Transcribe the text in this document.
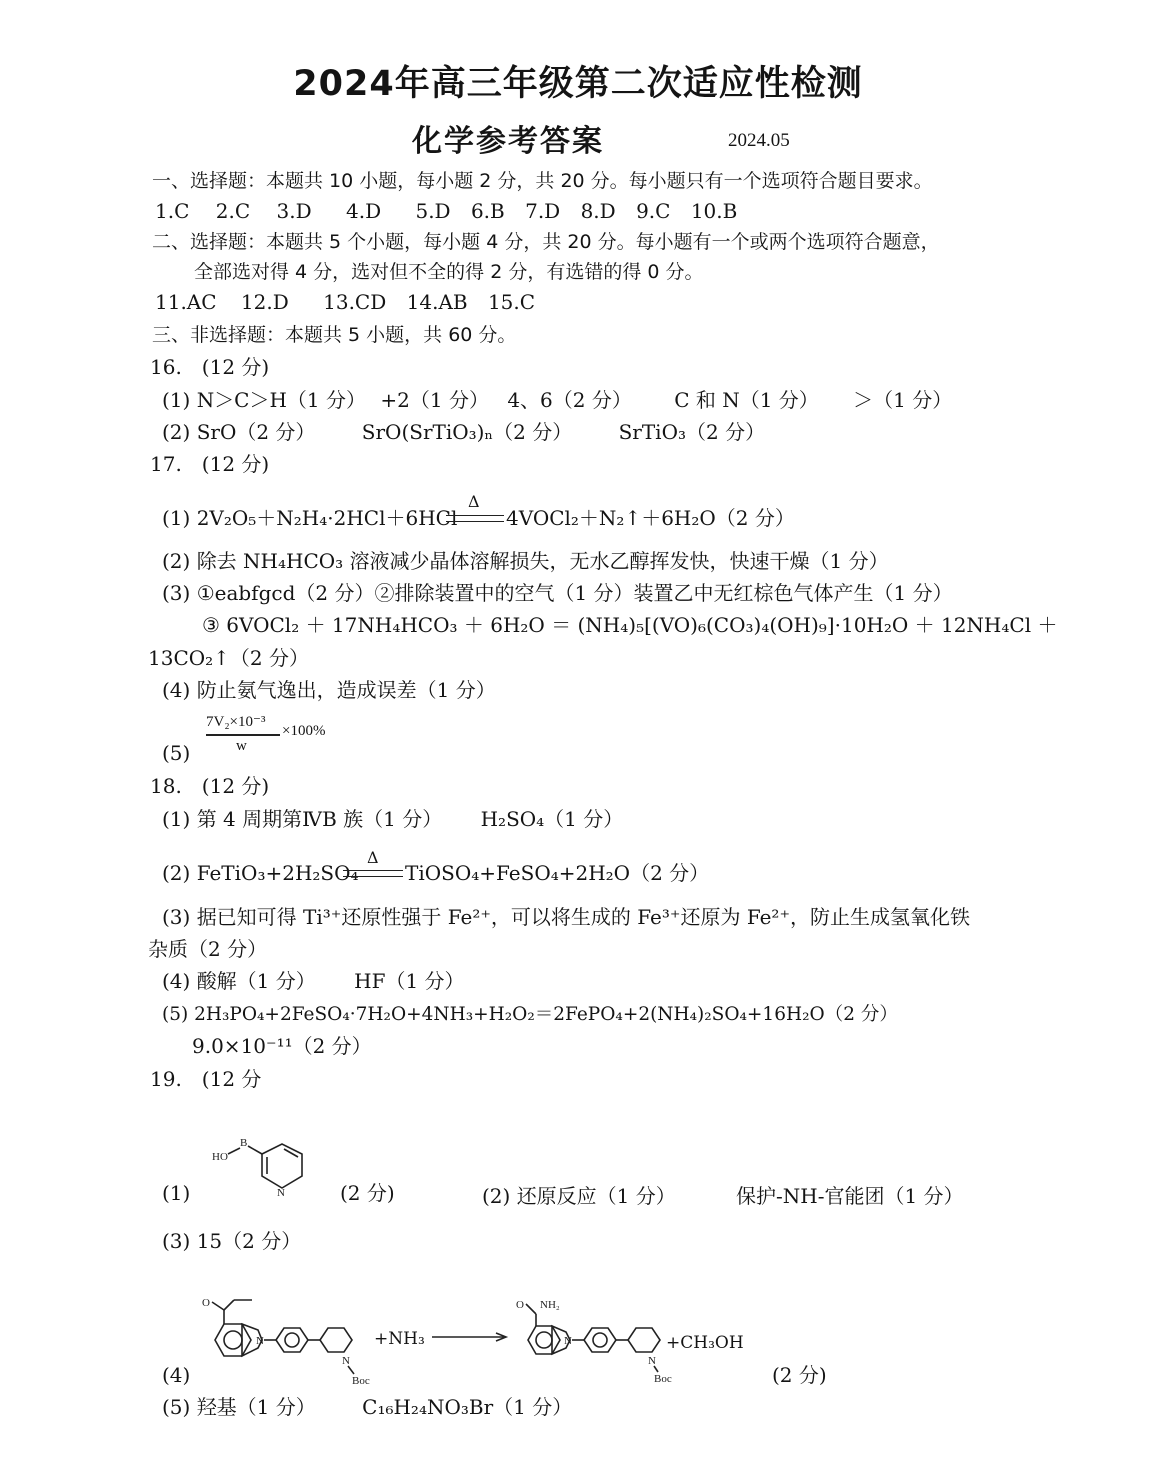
2024年高三年级第二次适应性检测
化学参考答案	2024.05
一、选择题：本题共 10 小题，每小题 2 分，共 20 分。每小题只有一个选项符合题目要求。
1.C 2.C 3.D 4.D 5.D 6.B 7.D 8.D 9.C 10.B
二、选择题：本题共 5 个小题，每小题 4 分，共 20 分。每小题有一个或两个选项符合题意，
全部选对得 4 分，选对但不全的得 2 分，有选错的得 0 分。
11.AC 12.D 13.CD 14.AB 15.C
三、非选择题：本题共 5 小题，共 60 分。
16.　(12 分)
(1) N＞C＞H（1 分） +2（1 分） 4、6（2 分） C 和 N（1 分） ＞（1 分）
(2) SrO（2 分） SrO(SrTiO₃)ₙ（2 分） SrTiO₃（2 分）
17.　(12 分)
(1) 2V₂O₅＋N₂H₄·2HCl＋6HCl
Δ
4VOCl₂＋N₂↑＋6H₂O（2 分）
(2) 除去 NH₄HCO₃ 溶液减少晶体溶解损失，无水乙醇挥发快，快速干燥（1 分）
(3) ①eabfgcd（2 分）②排除装置中的空气（1 分）装置乙中无红棕色气体产生（1 分）
③ 6VOCl₂ ＋ 17NH₄HCO₃ ＋ 6H₂O ＝ (NH₄)₅[(VO)₆(CO₃)₄(OH)₉]·10H₂O ＋ 12NH₄Cl ＋
13CO₂↑（2 分）
(4) 防止氨气逸出，造成误差（1 分）
(5)
7V₂×10⁻³
w
×100%
18.　(12 分)
(1) 第 4 周期第ⅣB 族（1 分） H₂SO₄（1 分）
(2) FeTiO₃+2H₂SO₄
Δ
TiOSO₄+FeSO₄+2H₂O（2 分）
(3) 据已知可得 Ti³⁺还原性强于 Fe²⁺，可以将生成的 Fe³⁺还原为 Fe²⁺，防止生成氢氧化铁
杂质（2 分）
(4) 酸解（1 分） HF（1 分）
(5) 2H₃PO₄+2FeSO₄·7H₂O+4NH₃+H₂O₂＝2FePO₄+2(NH₄)₂SO₄+16H₂O（2 分）
9.0×10⁻¹¹（2 分）
19.　(12 分
HO
B
N
(1)	(2 分)	(2) 还原反应（1 分）	保护-NH-官能团（1 分）
(3) 15（2 分）
O
N
N
Boc
+NH₃
O NH₂
N
N
Boc
+CH₃OH
(4)	(2 分)
(5) 羟基（1 分） C₁₆H₂₄NO₃Br（1 分）
